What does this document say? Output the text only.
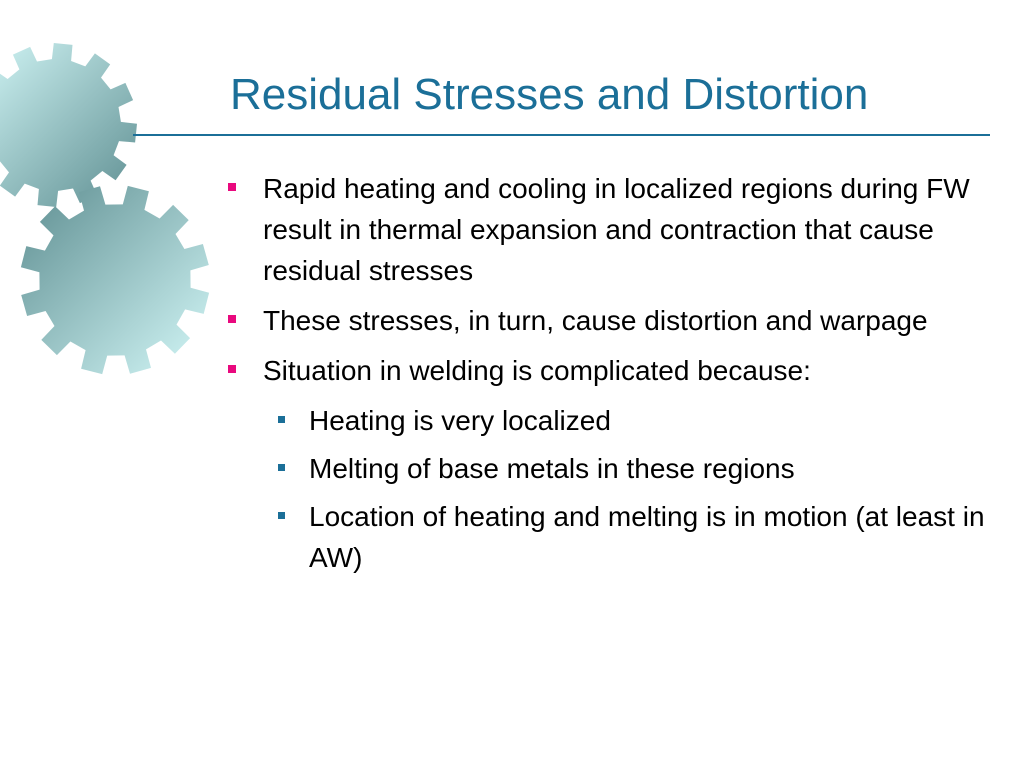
Residual Stresses and Distortion
Rapid heating and cooling in localized regions during FW result in thermal expansion and contraction that cause residual stresses
These stresses, in turn, cause distortion and warpage
Situation in welding is complicated because:
Heating is very localized
Melting of base metals in these regions
Location of heating and melting is in motion (at least in AW)
